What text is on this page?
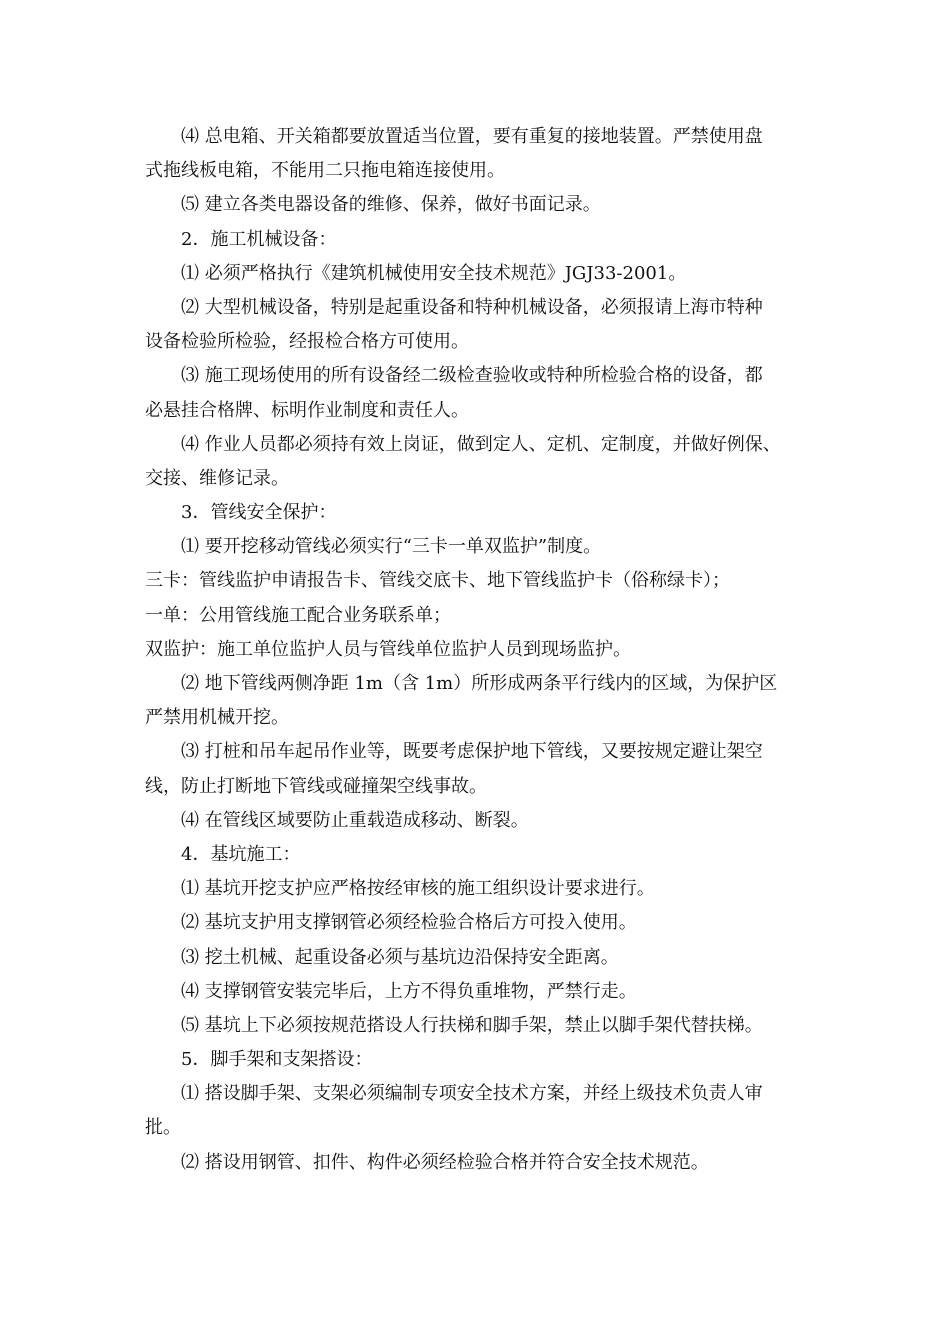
⑷ 总电箱、开关箱都要放置适当位置，要有重复的接地装置。严禁使用盘
式拖线板电箱，不能用二只拖电箱连接使用。
⑸ 建立各类电器设备的维修、保养，做好书面记录。
2．施工机械设备：
⑴ 必须严格执行《建筑机械使用安全技术规范》JGJ33-2001。
⑵ 大型机械设备，特别是起重设备和特种机械设备，必须报请上海市特种
设备检验所检验，经报检合格方可使用。
⑶ 施工现场使用的所有设备经二级检查验收或特种所检验合格的设备，都
必悬挂合格牌、标明作业制度和责任人。
⑷ 作业人员都必须持有效上岗证，做到定人、定机、定制度，并做好例保、
交接、维修记录。
3．管线安全保护：
⑴ 要开挖移动管线必须实行“三卡一单双监护”制度。
三卡：管线监护申请报告卡、管线交底卡、地下管线监护卡（俗称绿卡）；
一单：公用管线施工配合业务联系单；
双监护：施工单位监护人员与管线单位监护人员到现场监护。
⑵ 地下管线两侧净距 1m（含 1m）所形成两条平行线内的区域，为保护区
严禁用机械开挖。
⑶ 打桩和吊车起吊作业等，既要考虑保护地下管线，又要按规定避让架空
线，防止打断地下管线或碰撞架空线事故。
⑷ 在管线区域要防止重载造成移动、断裂。
4．基坑施工：
⑴ 基坑开挖支护应严格按经审核的施工组织设计要求进行。
⑵ 基坑支护用支撑钢管必须经检验合格后方可投入使用。
⑶ 挖土机械、起重设备必须与基坑边沿保持安全距离。
⑷ 支撑钢管安装完毕后，上方不得负重堆物，严禁行走。
⑸ 基坑上下必须按规范搭设人行扶梯和脚手架，禁止以脚手架代替扶梯。
5．脚手架和支架搭设：
⑴ 搭设脚手架、支架必须编制专项安全技术方案，并经上级技术负责人审
批。
⑵ 搭设用钢管、扣件、构件必须经检验合格并符合安全技术规范。
